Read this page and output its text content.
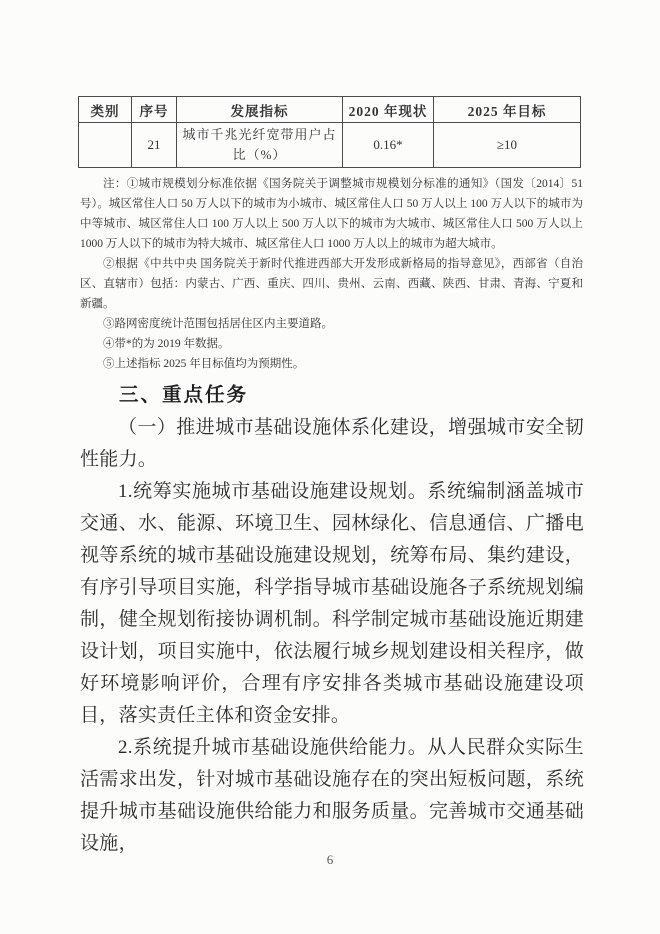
类别	序号	发展指标	2020 年现状	2025 年目标
	21	城市千兆光纤宽带用户占比（%）	0.16*	≥10

注：①城市规模划分标准依据《国务院关于调整城市规模划分标准的通知》（国发〔2014〕51 号）。城区常住人口 50 万人以下的城市为小城市、城区常住人口 50 万人以上 100 万人以下的城市为中等城市、城区常住人口 100 万人以上 500 万人以下的城市为大城市、城区常住人口 500 万人以上 1000 万人以下的城市为特大城市、城区常住人口 1000 万人以上的城市为超大城市。

②根据《中共中央 国务院关于新时代推进西部大开发形成新格局的指导意见》，西部省（自治区、直辖市）包括：内蒙古、广西、重庆、四川、贵州、云南、西藏、陕西、甘肃、青海、宁夏和新疆。

③路网密度统计范围包括居住区内主要道路。

④带*的为 2019 年数据。

⑤上述指标 2025 年目标值均为预期性。

三、重点任务

（一）推进城市基础设施体系化建设，增强城市安全韧性能力。

1.统筹实施城市基础设施建设规划。系统编制涵盖城市交通、水、能源、环境卫生、园林绿化、信息通信、广播电视等系统的城市基础设施建设规划，统筹布局、集约建设，有序引导项目实施，科学指导城市基础设施各子系统规划编制，健全规划衔接协调机制。科学制定城市基础设施近期建设计划，项目实施中，依法履行城乡规划建设相关程序，做好环境影响评价，合理有序安排各类城市基础设施建设项目，落实责任主体和资金安排。

2.系统提升城市基础设施供给能力。从人民群众实际生活需求出发，针对城市基础设施存在的突出短板问题，系统提升城市基础设施供给能力和服务质量。完善城市交通基础设施，

6
